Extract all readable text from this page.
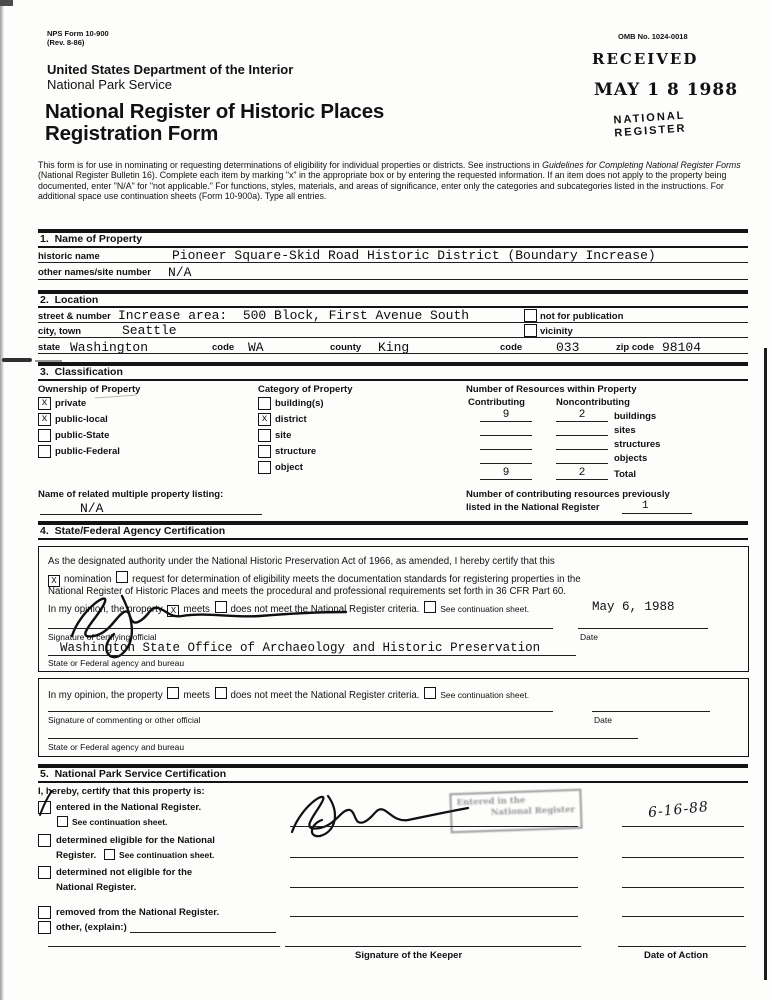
NPS Form 10-900
(Rev. 8-86)
OMB No. 1024-0018
RECEIVED
MAY 1 8 1988
NATIONAL
REGISTER
United States Department of the Interior
National Park Service
National Register of Historic Places
Registration Form
This form is for use in nominating or requesting determinations of eligibility for individual properties or districts. See instructions in Guidelines for Completing National Register Forms (National Register Bulletin 16). Complete each item by marking "x" in the appropriate box or by entering the requested information. If an item does not apply to the property being documented, enter "N/A" for "not applicable." For functions, styles, materials, and areas of significance, enter only the categories and subcategories listed in the instructions. For additional space use continuation sheets (Form 10-900a). Type all entries.
1.  Name of Property
historic name	Pioneer Square-Skid Road Historic District (Boundary Increase)
other names/site number N/A
2.  Location
street & number Increase area:  500 Block, First Avenue South	not for publication
city, town	Seattle	vicinity
state Washington	code WA	county King	code	033	zip code 98104
3.  Classification
Ownership of Property	Category of Property	Number of Resources within Property
x private
x public-local
public-State
public-Federal
building(s)
x district
site
structure
object
Contributing	Noncontributing
9	2	buildings
sites
structures
objects
9	2	Total
Name of related multiple property listing:
N/A
Number of contributing resources previously
listed in the National Register	1
4.  State/Federal Agency Certification
As the designated authority under the National Historic Preservation Act of 1966, as amended, I hereby certify that this
X nomination request for determination of eligibility meets the documentation standards for registering properties in the
National Register of Historic Places and meets the procedural and professional requirements set forth in 36 CFR Part 60.
In my opinion, the property X meets does not meet the National Register criteria. See continuation sheet.	May 6, 1988
Signature of certifying official	Date
Washington State Office of Archaeology and Historic Preservation
State or Federal agency and bureau
In my opinion, the property meets does not meet the National Register criteria. See continuation sheet.
Signature of commenting or other official	Date
State or Federal agency and bureau
5.  National Park Service Certification
I, hereby, certify that this property is:
entered in the National Register.
See continuation sheet.
determined eligible for the National
Register.	See continuation sheet.
determined not eligible for the
National Register.
removed from the National Register.
other, (explain:)
Entered in the
National Register	6-16-88
Signature of the Keeper	Date of Action
